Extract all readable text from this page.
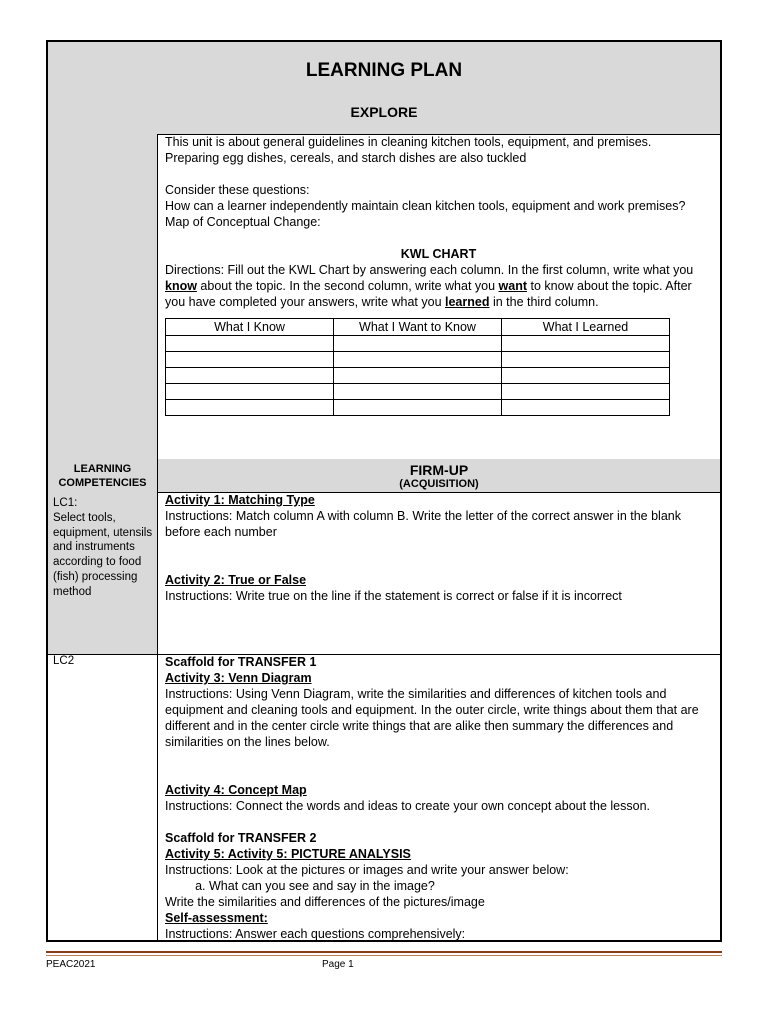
LEARNING PLAN
EXPLORE

This unit is about general guidelines in cleaning kitchen tools, equipment, and premises.

Preparing egg dishes, cereals, and starch dishes are also tuckled

Consider these questions:

How can a learner independently maintain clean kitchen tools, equipment and work premises?

Map of Conceptual Change:

KWL CHART

Directions: Fill out the KWL Chart by answering each column. In the first column, write what you know about the topic. In the second column, write what you want to know about the topic. After you have completed your answers, write what you learned in the third column.

What I Know	What I Want to Know	What I Learned

LEARNING COMPETENCIES
FIRM-UP
(ACQUISITION)
LC1:
Select tools, equipment, utensils and instruments according to food (fish) processing method

Activity 1: Matching Type

Instructions: Match column A with column B. Write the letter of the correct answer in the blank before each number

Activity 2: True or False

Instructions: Write true on the line if the statement is correct or false if it is incorrect

LC2	Scaffold for TRANSFER 1

Activity 3: Venn Diagram

Instructions: Using Venn Diagram, write the similarities and differences of kitchen tools and equipment and cleaning tools and equipment. In the outer circle, write things about them that are different and in the center circle write things that are alike then summary the differences and similarities on the lines below.

Activity 4: Concept Map

Instructions: Connect the words and ideas to create your own concept about the lesson.

Scaffold for TRANSFER 2

Activity 5: Activity 5: PICTURE ANALYSIS

Instructions: Look at the pictures or images and write your answer below:

a. What can you see and say in the image?

Write the similarities and differences of the pictures/image

Self-assessment:

Instructions: Answer each questions comprehensively:

PEAC2021	Page 1
